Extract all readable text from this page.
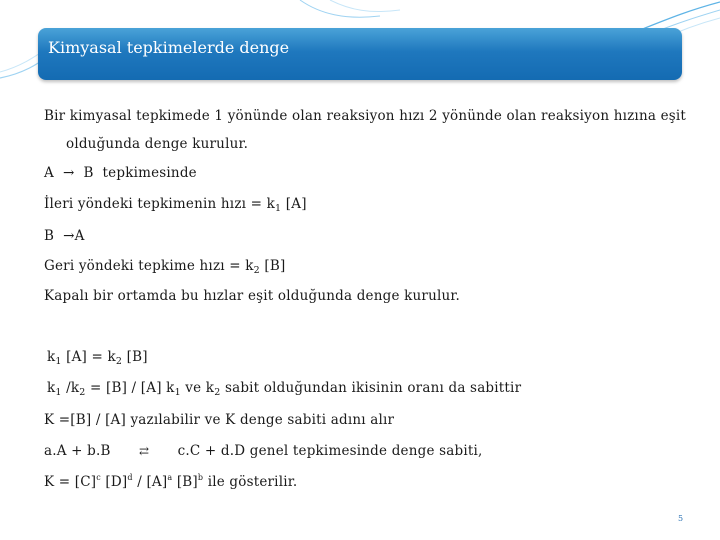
Kimyasal tepkimelerde denge
Bir kimyasal tepkimede 1 yönünde olan reaksiyon hızı 2 yönünde olan reaksiyon hızına eşit
olduğunda denge kurulur.
A → B tepkimesinde
İleri yöndeki tepkimenin hızı = $k_1$ [A]
B →A
Geri yöndeki tepkime hızı = $k_2$ [B]
Kapalı bir ortamda bu hızlar eşit olduğunda denge kurulur.
$k_1$ $[A] = k_2$ [B]
$k_1$ $/k_2 = [B] / [A]$ $k_1$ ve $k_2$ sabit olduğundan ikisinin oranı da sabittir
K =[B] / [A] yazılabilir ve K denge sabiti adını alır
a.A + b.B ⇄ c.C + d.D genel tepkimesinde denge sabiti,
$K = [C]^c$ $[D]^d / [A]^a$ $[B]^b$ ile gösterilir.
5
